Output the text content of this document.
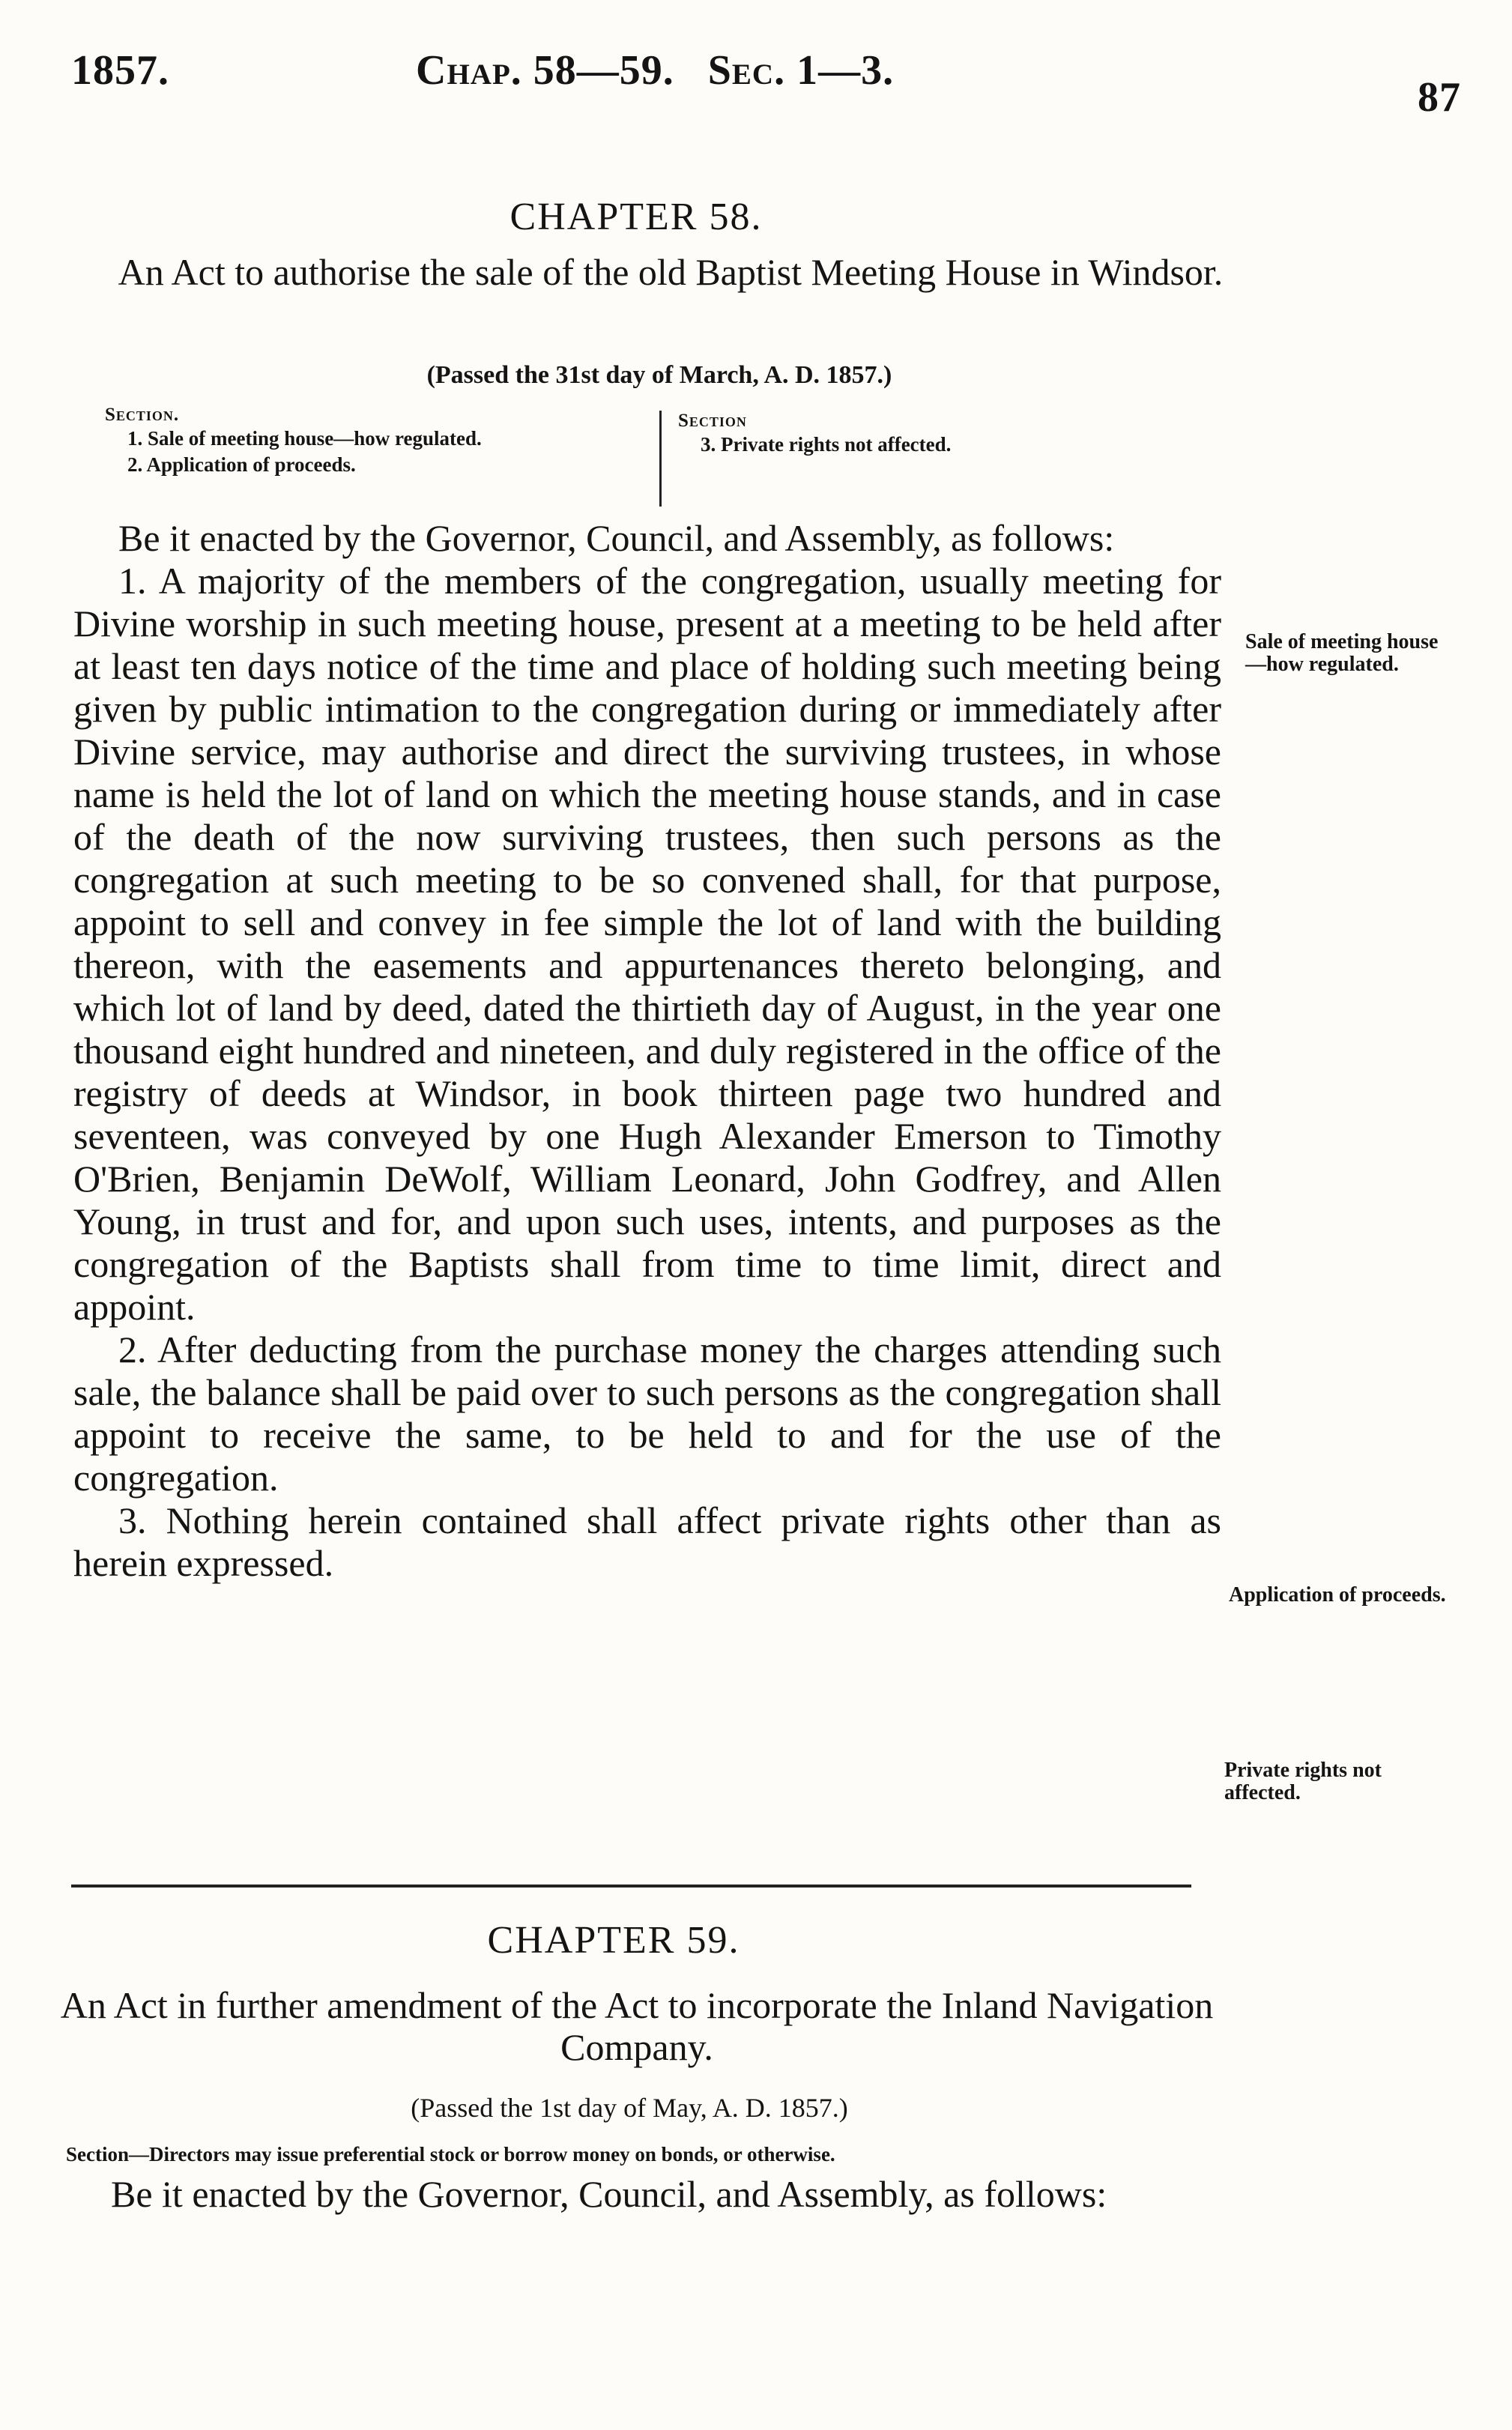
1857.	Chap. 58—59.   Sec. 1—3.
87
CHAPTER 58.
An Act to authorise the sale of the old Baptist Meeting House in Windsor.
(Passed the 31st day of March, A. D. 1857.)
Section.
1. Sale of meeting house—how regulated.
2. Application of proceeds.
Section
3. Private rights not affected.

Be it enacted by the Governor, Council, and Assembly, as follows:

1. A majority of the members of the congregation, usually meeting for Divine worship in such meeting house, present at a meeting to be held after at least ten days notice of the time and place of holding such meeting being given by public intimation to the congregation during or immediately after Divine service, may authorise and direct the surviving trustees, in whose name is held the lot of land on which the meeting house stands, and in case of the death of the now surviving trustees, then such persons as the congregation at such meeting to be so convened shall, for that purpose, appoint to sell and convey in fee simple the lot of land with the building thereon, with the easements and appurtenances thereto belonging, and which lot of land by deed, dated the thirtieth day of August, in the year one thousand eight hundred and nineteen, and duly registered in the office of the registry of deeds at Windsor, in book thirteen page two hundred and seventeen, was conveyed by one Hugh Alexander Emerson to Timothy O'Brien, Benjamin DeWolf, William Leonard, John Godfrey, and Allen Young, in trust and for, and upon such uses, intents, and purposes as the congregation of the Baptists shall from time to time limit, direct and appoint.

2. After deducting from the purchase money the charges attending such sale, the balance shall be paid over to such persons as the congregation shall appoint to receive the same, to be held to and for the use of the congregation.

3. Nothing herein contained shall affect private rights other than as herein expressed.

Sale of meeting house—how regulated.
Application of proceeds.
Private rights not affected.
CHAPTER 59.
An Act in further amendment of the Act to incorporate the Inland Navigation Company.
(Passed the 1st day of May, A. D. 1857.)
Section—Directors may issue preferential stock or borrow money on bonds, or otherwise.

Be it enacted by the Governor, Council, and Assembly, as follows:
